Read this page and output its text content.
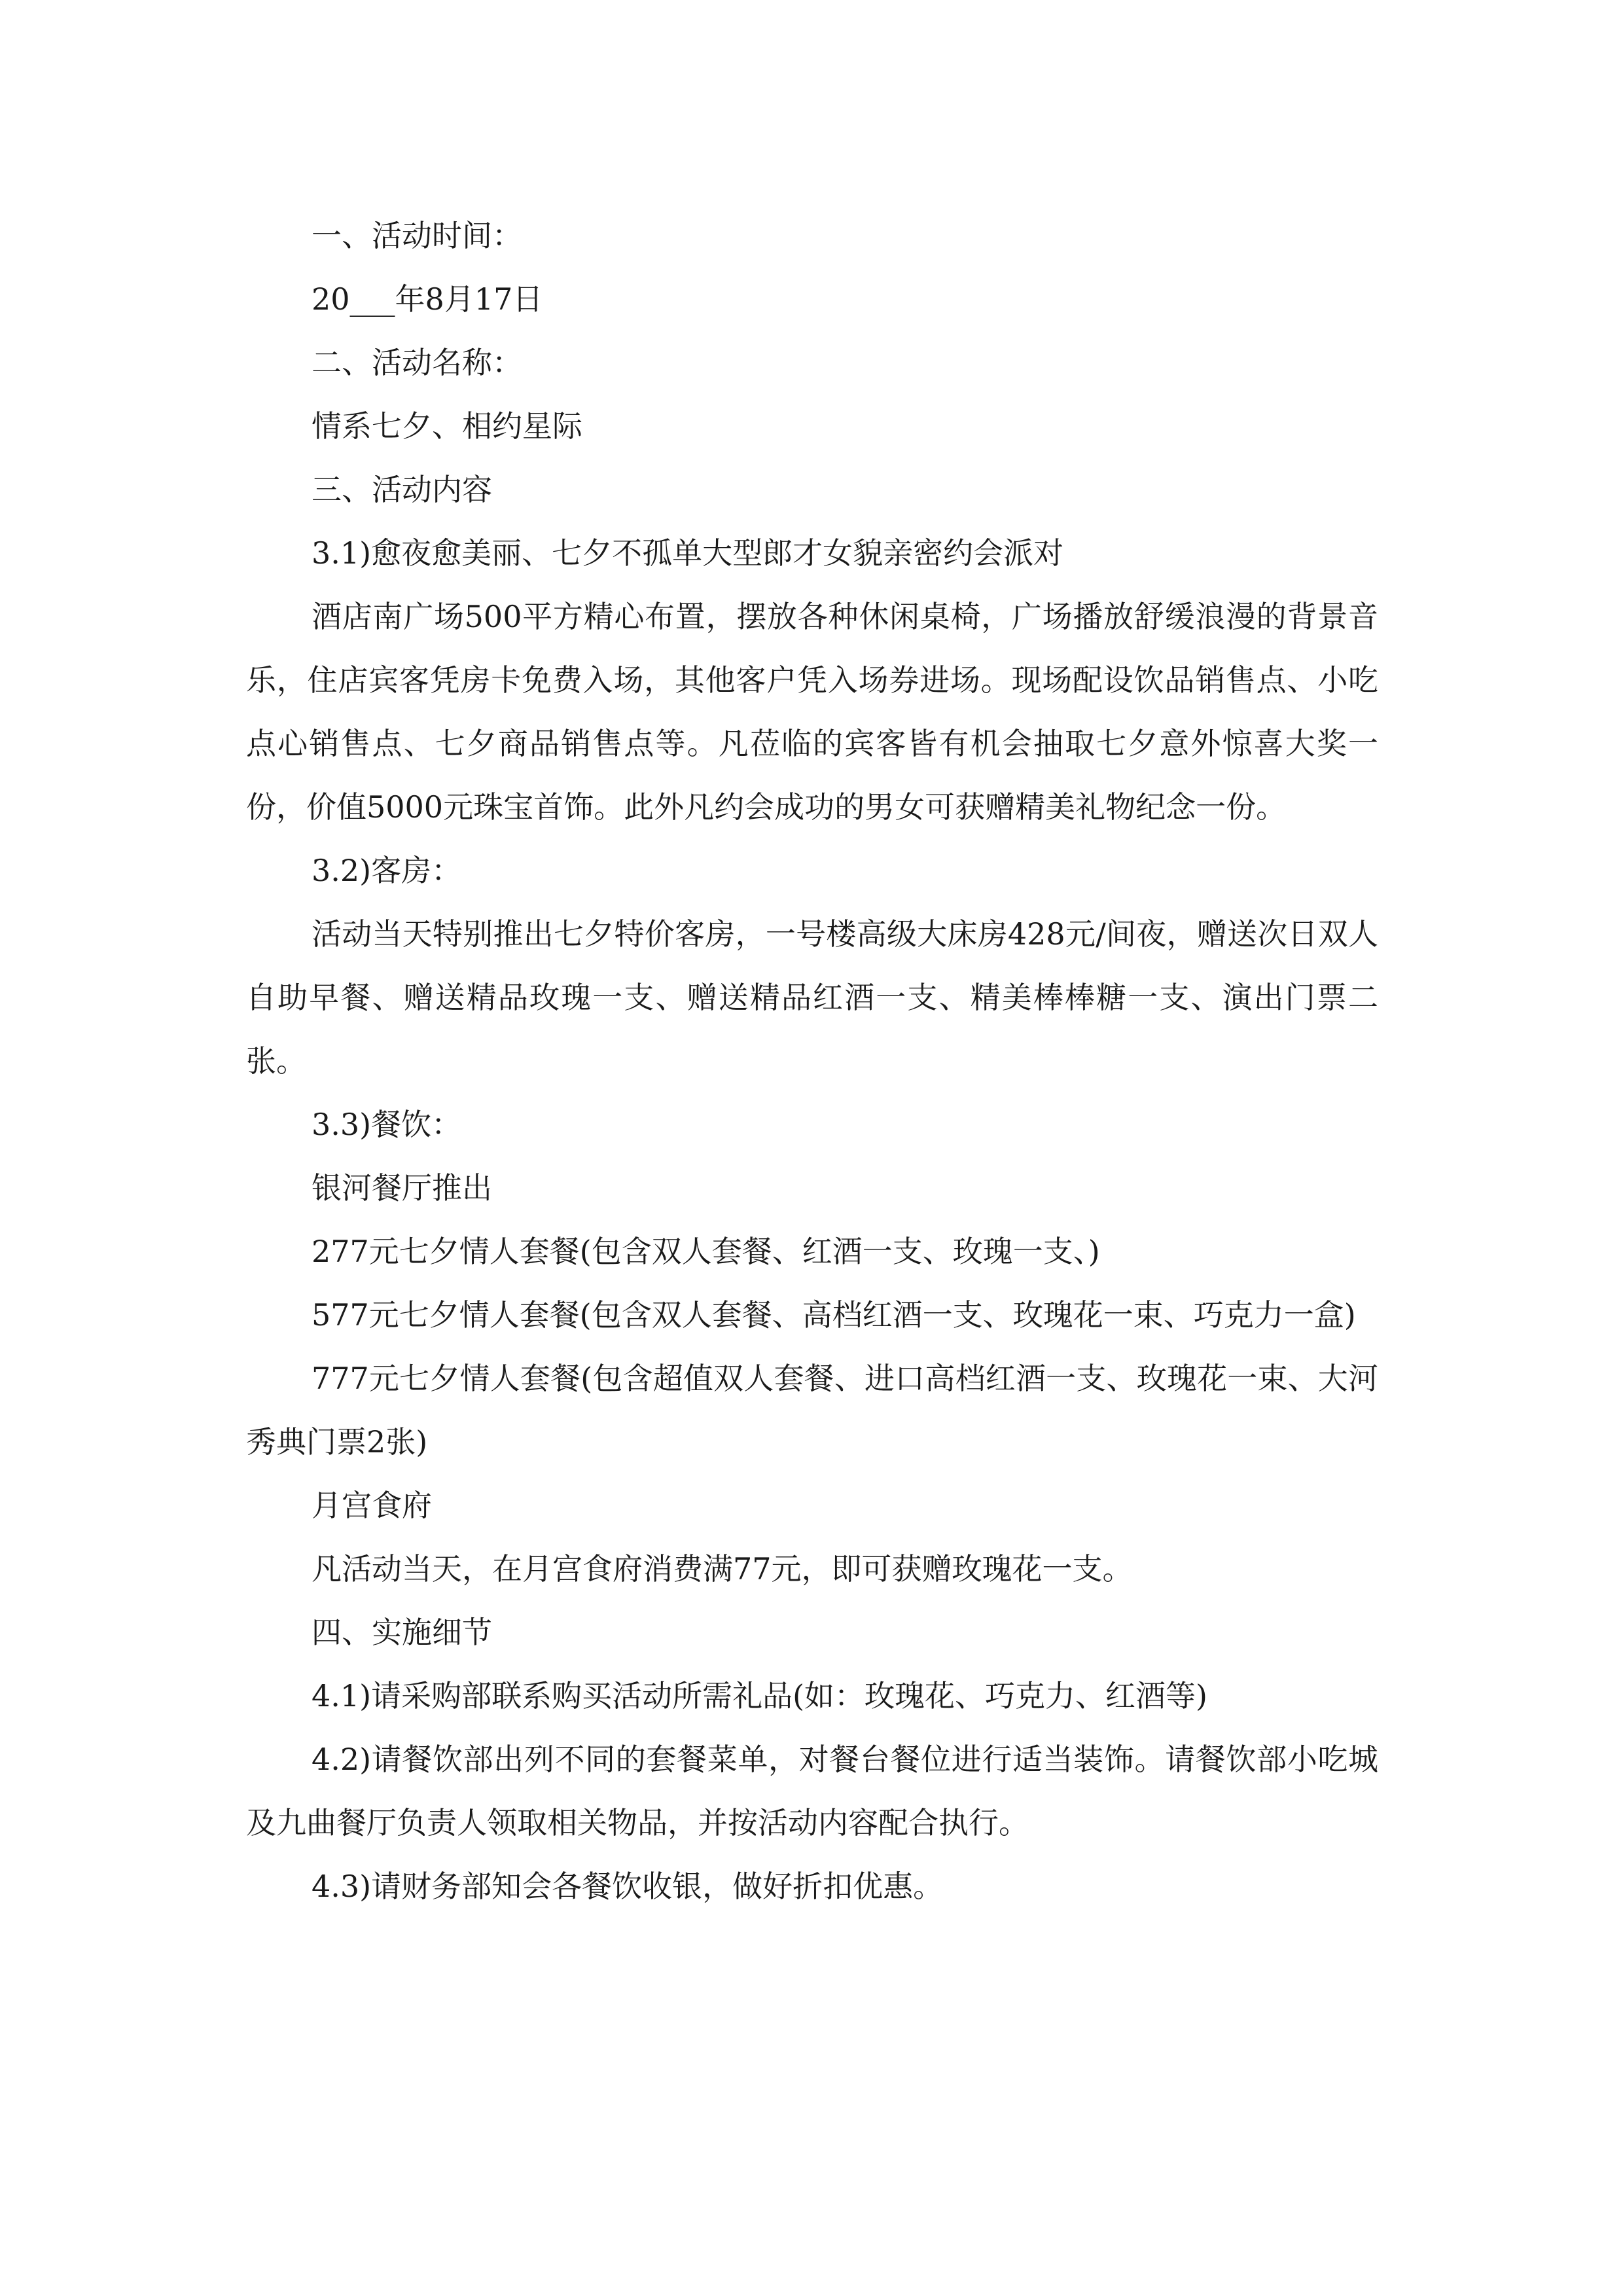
一、活动时间：

20___年8月17日

二、活动名称：

情系七夕、相约星际

三、活动内容

3.1)愈夜愈美丽、七夕不孤单大型郎才女貌亲密约会派对

酒店南广场500平方精心布置，摆放各种休闲桌椅，广场播放舒缓浪漫的背景音乐，住店宾客凭房卡免费入场，其他客户凭入场券进场。现场配设饮品销售点、小吃点心销售点、七夕商品销售点等。凡莅临的宾客皆有机会抽取七夕意外惊喜大奖一份，价值5000元珠宝首饰。此外凡约会成功的男女可获赠精美礼物纪念一份。

3.2)客房：

活动当天特别推出七夕特价客房，一号楼高级大床房428元/间夜，赠送次日双人自助早餐、赠送精品玫瑰一支、赠送精品红酒一支、精美棒棒糖一支、演出门票二张。

3.3)餐饮：

银河餐厅推出

277元七夕情人套餐(包含双人套餐、红酒一支、玫瑰一支、)

577元七夕情人套餐(包含双人套餐、高档红酒一支、玫瑰花一束、巧克力一盒)

777元七夕情人套餐(包含超值双人套餐、进口高档红酒一支、玫瑰花一束、大河秀典门票2张)

月宫食府

凡活动当天，在月宫食府消费满77元，即可获赠玫瑰花一支。

四、实施细节

4.1)请采购部联系购买活动所需礼品(如：玫瑰花、巧克力、红酒等)

4.2)请餐饮部出列不同的套餐菜单，对餐台餐位进行适当装饰。请餐饮部小吃城及九曲餐厅负责人领取相关物品，并按活动内容配合执行。

4.3)请财务部知会各餐饮收银，做好折扣优惠。
